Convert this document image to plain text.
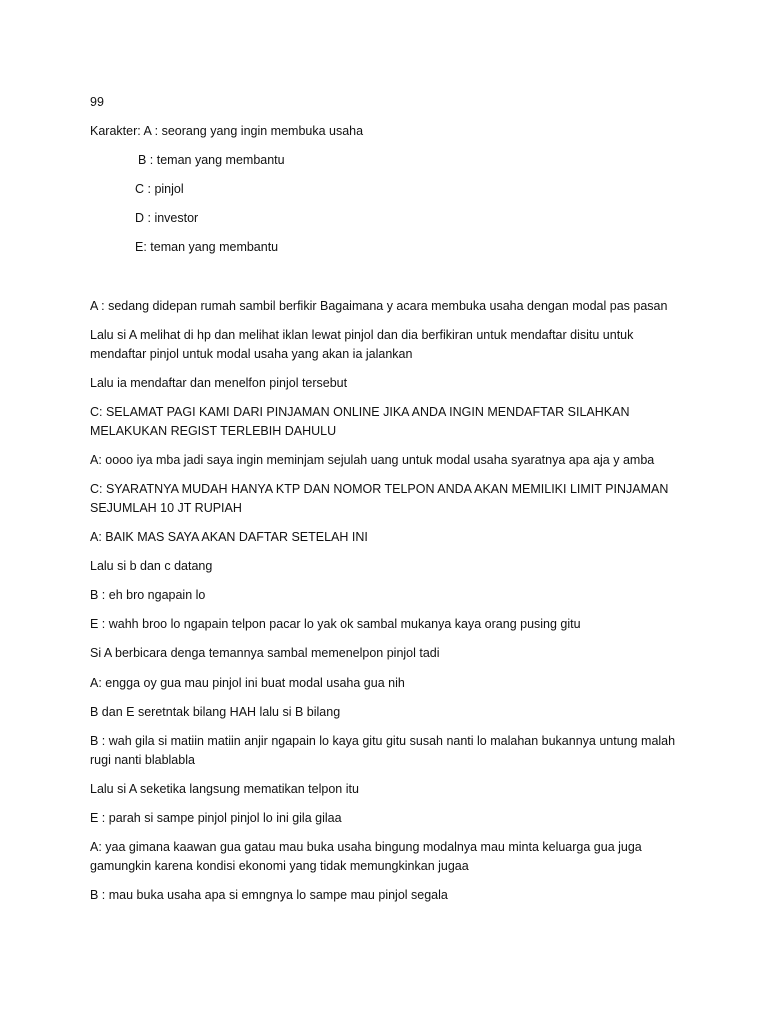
99
Karakter: A : seorang yang ingin membuka usaha
B : teman yang membantu
C : pinjol
D : investor
E: teman yang membantu
A : sedang didepan rumah sambil berfikir Bagaimana y acara membuka usaha dengan modal pas pasan
Lalu si A melihat di hp dan melihat iklan lewat pinjol dan dia berfikiran untuk mendaftar disitu untuk mendaftar pinjol untuk modal usaha yang akan ia jalankan
Lalu ia mendaftar dan menelfon pinjol tersebut
C: SELAMAT PAGI KAMI DARI PINJAMAN ONLINE JIKA ANDA INGIN MENDAFTAR SILAHKAN MELAKUKAN REGIST TERLEBIH DAHULU
A: oooo iya mba jadi saya ingin meminjam sejulah uang untuk modal usaha syaratnya apa aja y amba
C: SYARATNYA MUDAH HANYA KTP DAN NOMOR TELPON ANDA AKAN MEMILIKI LIMIT PINJAMAN SEJUMLAH 10 JT RUPIAH
A: BAIK MAS SAYA AKAN DAFTAR SETELAH INI
Lalu si b dan c datang
B : eh bro ngapain lo
E : wahh broo lo ngapain telpon pacar lo yak ok sambal mukanya kaya orang pusing gitu
Si A berbicara denga temannya sambal memenelpon pinjol tadi
A: engga oy gua mau pinjol ini buat modal usaha gua nih
B dan E seretntak bilang HAH lalu si B bilang
B : wah gila si matiin matiin anjir ngapain lo kaya gitu gitu susah nanti lo malahan bukannya untung malah rugi nanti blablabla
Lalu si A seketika langsung mematikan telpon itu
E : parah si sampe pinjol pinjol lo ini gila gilaa
A: yaa gimana kaawan gua gatau mau buka usaha bingung modalnya mau minta keluarga gua juga gamungkin karena kondisi ekonomi yang tidak memungkinkan jugaa
B : mau buka usaha apa si emngnya lo sampe mau pinjol segala
